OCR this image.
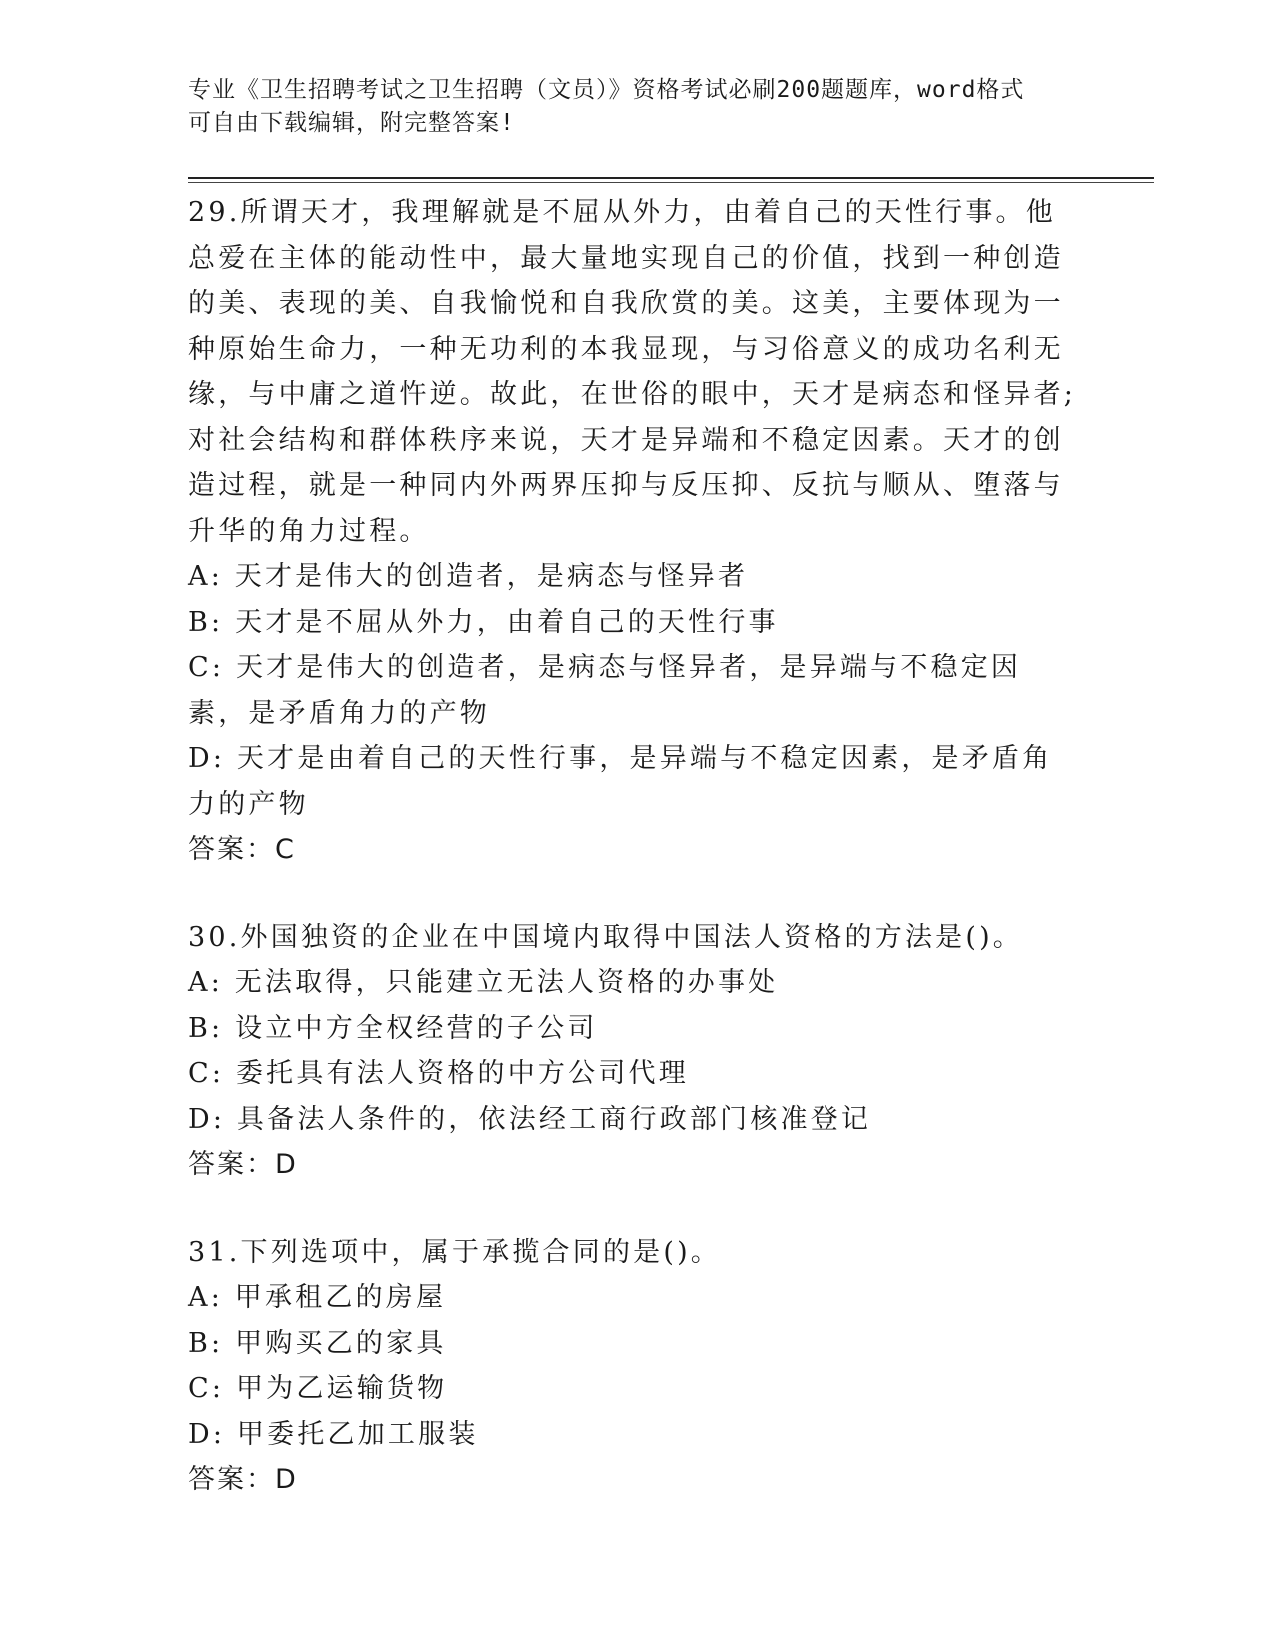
专业《卫生招聘考试之卫生招聘（文员）》资格考试必刷200题题库，word格式
可自由下载编辑，附完整答案!

29.所谓天才，我理解就是不屈从外力，由着自己的天性行事。他总爱在主体的能动性中，最大量地实现自己的价值，找到一种创造的美、表现的美、自我愉悦和自我欣赏的美。这美，主要体现为一种原始生命力，一种无功利的本我显现，与习俗意义的成功名利无缘，与中庸之道忤逆。故此，在世俗的眼中，天才是病态和怪异者;对社会结构和群体秩序来说，天才是异端和不稳定因素。天才的创造过程，就是一种同内外两界压抑与反压抑、反抗与顺从、堕落与升华的角力过程。

A: 天才是伟大的创造者，是病态与怪异者

B: 天才是不屈从外力，由着自己的天性行事

C: 天才是伟大的创造者，是病态与怪异者，是异端与不稳定因素，是矛盾角力的产物

D: 天才是由着自己的天性行事，是异端与不稳定因素，是矛盾角力的产物

答案：C

30.外国独资的企业在中国境内取得中国法人资格的方法是()。

A: 无法取得，只能建立无法人资格的办事处

B: 设立中方全权经营的子公司

C: 委托具有法人资格的中方公司代理

D: 具备法人条件的，依法经工商行政部门核准登记

答案：D

31.下列选项中，属于承揽合同的是()。

A: 甲承租乙的房屋

B: 甲购买乙的家具

C: 甲为乙运输货物

D: 甲委托乙加工服装

答案：D
